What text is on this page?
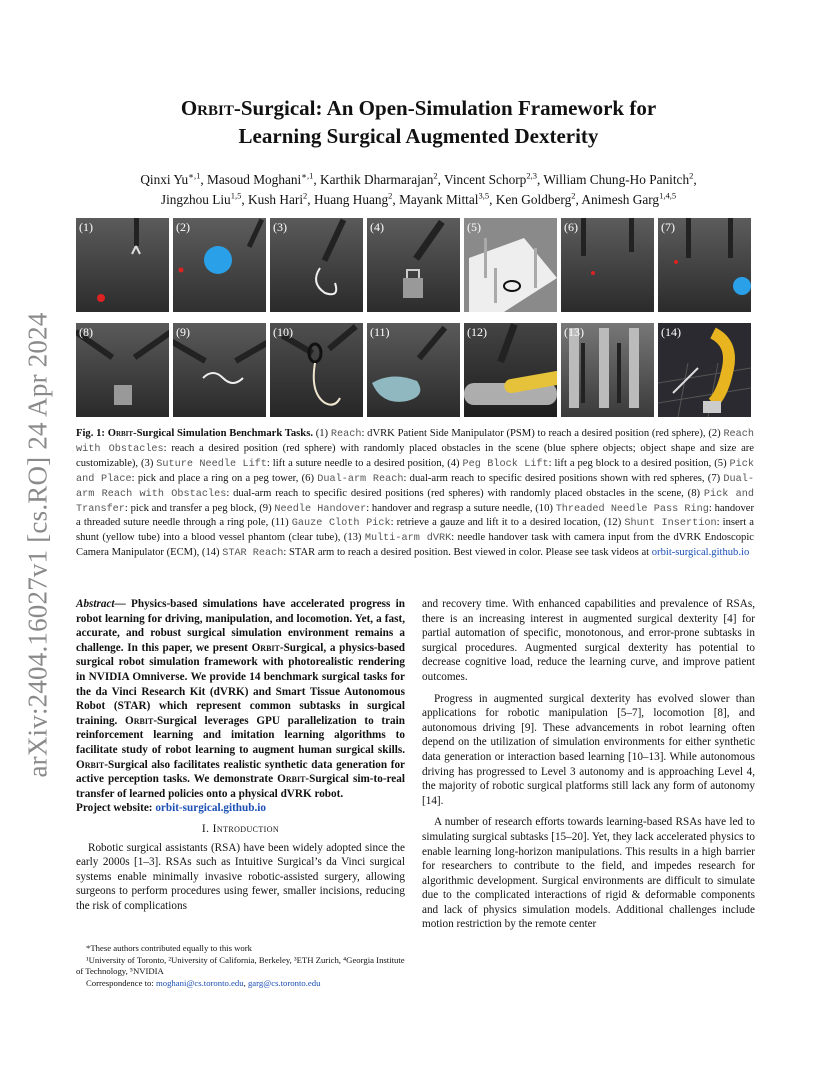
arXiv:2404.16027v1 [cs.RO] 24 Apr 2024
Orbit-Surgical: An Open-Simulation Framework for
Learning Surgical Augmented Dexterity
Qinxi $Yu^{∗,1}$, Masoud Moghani$^{∗,1}$, Karthik Dharmarajan$^2$, Vincent Schorp$^{2,3}$, William Chung-Ho Panitch$^2$,
Jingzhou Liu$^{1,5}$, Kush Hari$^2$, Huang Huang$^2$, Mayank Mittal$^{3,5}$, Ken Goldberg$^2$, Animesh Garg$^{1,4,5}$
(1)	(2)	(3)	(4)	(5)	(6)	(7)
(8)	(9)	(10)	(11)	(12)	(13)	(14)
Fig. 1: Orbit-Surgical Simulation Benchmark Tasks. (1) Reach: dVRK Patient Side Manipulator (PSM) to reach a desired position (red sphere), (2) Reach with Obstacles: reach a desired position (red sphere) with randomly placed obstacles in the scene (blue sphere objects; object shape and size are customizable), (3) Suture Needle Lift: lift a suture needle to a desired position, (4) Peg Block Lift: lift a peg block to a desired position, (5) Pick and Place: pick and place a ring on a peg tower, (6) Dual-arm Reach: dual-arm reach to specific desired positions shown with red spheres, (7) Dual-arm Reach with Obstacles: dual-arm reach to specific desired positions (red spheres) with randomly placed obstacles in the scene, (8) Pick and Transfer: pick and transfer a peg block, (9) Needle Handover: handover and regrasp a suture needle, (10) Threaded Needle Pass Ring: handover a threaded suture needle through a ring pole, (11) Gauze Cloth Pick: retrieve a gauze and lift it to a desired location, (12) Shunt Insertion: insert a shunt (yellow tube) into a blood vessel phantom (clear tube), (13) Multi-arm dVRK: needle handover task with camera input from the dVRK Endoscopic Camera Manipulator (ECM), (14) STAR Reach: STAR arm to reach a desired position. Best viewed in color. Please see task videos at orbit-surgical.github.io
Abstract— Physics-based simulations have accelerated progress in robot learning for driving, manipulation, and locomotion. Yet, a fast, accurate, and robust surgical simulation environment remains a challenge. In this paper, we present Orbit-Surgical, a physics-based surgical robot simulation framework with photorealistic rendering in NVIDIA Omniverse. We provide 14 benchmark surgical tasks for the da Vinci Research Kit (dVRK) and Smart Tissue Autonomous Robot (STAR) which represent common subtasks in surgical training. Orbit-Surgical leverages GPU parallelization to train reinforcement learning and imitation learning algorithms to facilitate study of robot learning to augment human surgical skills. Orbit-Surgical also facilitates realistic synthetic data generation for active perception tasks. We demonstrate Orbit-Surgical sim-to-real transfer of learned policies onto a physical dVRK robot.
Project website: orbit-surgical.github.io
I. Introduction

Robotic surgical assistants (RSA) have been widely adopted since the early 2000s [1–3]. RSAs such as Intuitive Surgical’s da Vinci surgical systems enable minimally invasive robotic-assisted surgery, allowing surgeons to perform procedures using fewer, smaller incisions, reducing the risk of complications

*These authors contributed equally to this work
¹University of Toronto, ²University of California, Berkeley, ³ETH Zurich, ⁴Georgia Institute of Technology, ⁵NVIDIA
Correspondence to: moghani@cs.toronto.edu, garg@cs.toronto.edu

and recovery time. With enhanced capabilities and prevalence of RSAs, there is an increasing interest in augmented surgical dexterity [4] for partial automation of specific, monotonous, and error-prone subtasks in surgical procedures. Augmented surgical dexterity has potential to decrease cognitive load, reduce the learning curve, and improve patient outcomes.

Progress in augmented surgical dexterity has evolved slower than applications for robotic manipulation [5–7], locomotion [8], and autonomous driving [9]. These advancements in robot learning often depend on the utilization of simulation environments for either synthetic data generation or interaction based learning [10–13]. While autonomous driving has progressed to Level 3 autonomy and is approaching Level 4, the majority of robotic surgical platforms still lack any form of autonomy [14].

A number of research efforts towards learning-based RSAs have led to simulating surgical subtasks [15–20]. Yet, they lack accelerated physics to enable learning long-horizon manipulations. This results in a high barrier for researchers to contribute to the field, and impedes research for algorithmic development. Surgical environments are difficult to simulate due to the complicated interactions of rigid & deformable components and lack of physics simulation models. Additional challenges include motion restriction by the remote center
